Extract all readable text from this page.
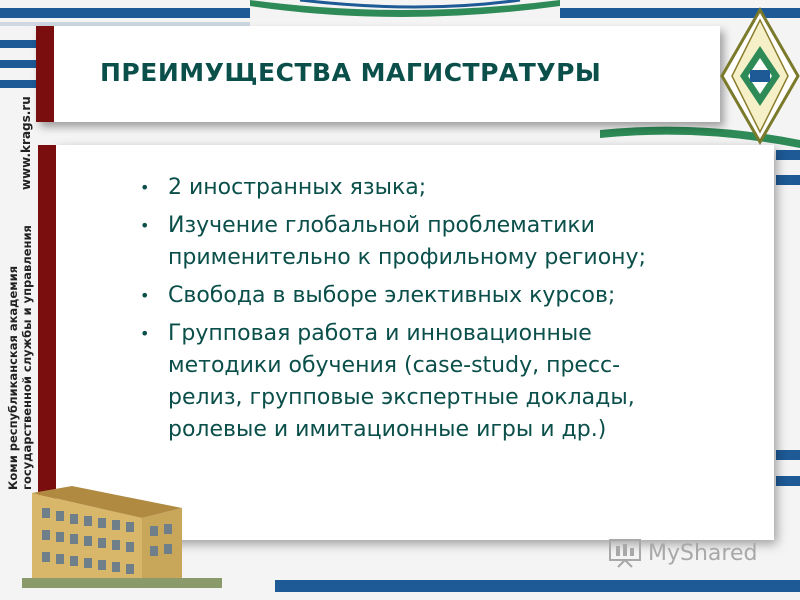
ПРЕИМУЩЕСТВА МАГИСТРАТУРЫ
• 2 иностранных языка;
• Изучение глобальной проблематики
применительно к профильному региону;
• Свобода в выборе элективных курсов;
• Групповая работа и инновационные
методики обучения (case-study, пресс-
релиз, групповые экспертные доклады,
ролевые и имитационные игры и др.)
www.krags.ru
Коми республиканская академия государственной службы и управления
MyShared
